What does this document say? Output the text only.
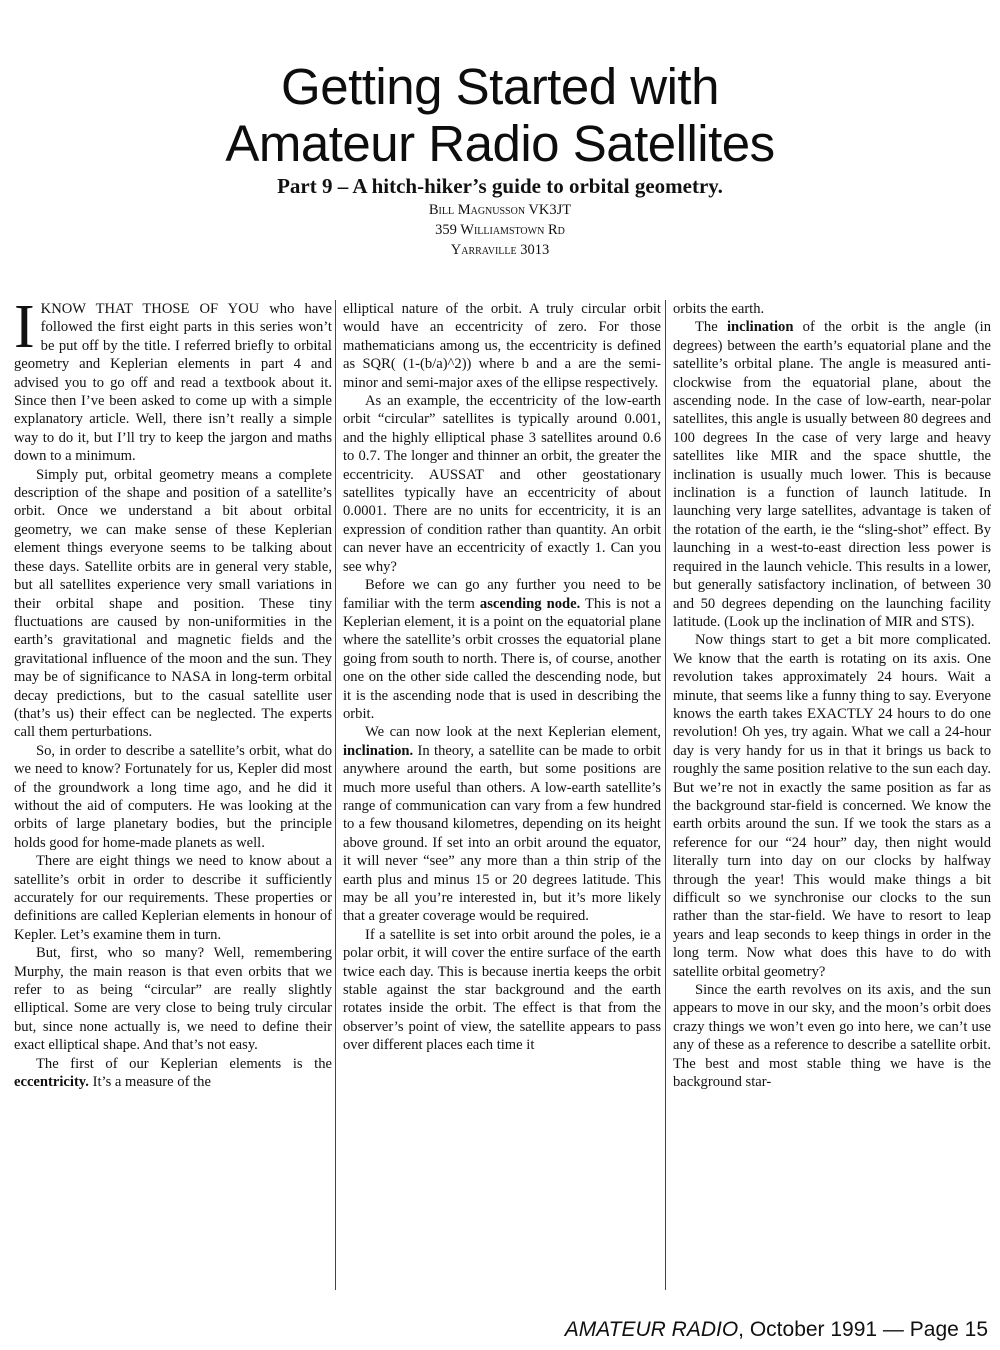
Getting Started with
Amateur Radio Satellites

Part 9 – A hitch-hiker’s guide to orbital geometry.

Bill Magnusson VK3JT

359 Williamstown Rd

Yarraville 3013

IKNOW THAT THOSE OF YOU who have followed the first eight parts in this series won’t be put off by the title. I referred briefly to orbital geometry and Keplerian elements in part 4 and advised you to go off and read a textbook about it. Since then I’ve been asked to come up with a simple explanatory article. Well, there isn’t really a simple way to do it, but I’ll try to keep the jargon and maths down to a minimum.

Simply put, orbital geometry means a complete description of the shape and position of a satellite’s orbit. Once we understand a bit about orbital geometry, we can make sense of these Keplerian element things everyone seems to be talking about these days. Satellite orbits are in general very stable, but all satellites experience very small variations in their orbital shape and position. These tiny fluctuations are caused by non-uniformities in the earth’s gravitational and magnetic fields and the gravitational influence of the moon and the sun. They may be of significance to NASA in long-term orbital decay predictions, but to the casual satellite user (that’s us) their effect can be neglected. The experts call them perturbations.

So, in order to describe a satellite’s orbit, what do we need to know? Fortunately for us, Kepler did most of the groundwork a long time ago, and he did it without the aid of computers. He was looking at the orbits of large planetary bodies, but the principle holds good for home-made planets as well.

There are eight things we need to know about a satellite’s orbit in order to describe it sufficiently accurately for our requirements. These properties or definitions are called Keplerian elements in honour of Kepler. Let’s examine them in turn.

But, first, who so many? Well, remembering Murphy, the main reason is that even orbits that we refer to as being “circular” are really slightly elliptical. Some are very close to being truly circular but, since none actually is, we need to define their exact elliptical shape. And that’s not easy.

The first of our Keplerian elements is the eccentricity. It’s a measure of the

elliptical nature of the orbit. A truly circular orbit would have an eccentricity of zero. For those mathematicians among us, the eccentricity is defined as SQR( (1-(b/a)^2)) where b and a are the semi-minor and semi-major axes of the ellipse respectively.

As an example, the eccentricity of the low-earth orbit “circular” satellites is typically around 0.001, and the highly elliptical phase 3 satellites around 0.6 to 0.7. The longer and thinner an orbit, the greater the eccentricity. AUSSAT and other geostationary satellites typically have an eccentricity of about 0.0001. There are no units for eccentricity, it is an expression of condition rather than quantity. An orbit can never have an eccentricity of exactly 1. Can you see why?

Before we can go any further you need to be familiar with the term ascending node. This is not a Keplerian element, it is a point on the equatorial plane where the satellite’s orbit crosses the equatorial plane going from south to north. There is, of course, another one on the other side called the descending node, but it is the ascending node that is used in describing the orbit.

We can now look at the next Keplerian element, inclination. In theory, a satellite can be made to orbit anywhere around the earth, but some positions are much more useful than others. A low-earth satellite’s range of communication can vary from a few hundred to a few thousand kilometres, depending on its height above ground. If set into an orbit around the equator, it will never “see” any more than a thin strip of the earth plus and minus 15 or 20 degrees latitude. This may be all you’re interested in, but it’s more likely that a greater coverage would be required.

If a satellite is set into orbit around the poles, ie a polar orbit, it will cover the entire surface of the earth twice each day. This is because inertia keeps the orbit stable against the star background and the earth rotates inside the orbit. The effect is that from the observer’s point of view, the satellite appears to pass over different places each time it

orbits the earth.

The inclination of the orbit is the angle (in degrees) between the earth’s equatorial plane and the satellite’s orbital plane. The angle is measured anti-clockwise from the equatorial plane, about the ascending node. In the case of low-earth, near-polar satellites, this angle is usually between 80 degrees and 100 degrees In the case of very large and heavy satellites like MIR and the space shuttle, the inclination is usually much lower. This is because inclination is a function of launch latitude. In launching very large satellites, advantage is taken of the rotation of the earth, ie the “sling-shot” effect. By launching in a west-to-east direction less power is required in the launch vehicle. This results in a lower, but generally satisfactory inclination, of between 30 and 50 degrees depending on the launching facility latitude. (Look up the inclination of MIR and STS).

Now things start to get a bit more complicated. We know that the earth is rotating on its axis. One revolution takes approximately 24 hours. Wait a minute, that seems like a funny thing to say. Everyone knows the earth takes EXACTLY 24 hours to do one revolution! Oh yes, try again. What we call a 24-hour day is very handy for us in that it brings us back to roughly the same position relative to the sun each day. But we’re not in exactly the same position as far as the background star-field is concerned. We know the earth orbits around the sun. If we took the stars as a reference for our “24 hour” day, then night would literally turn into day on our clocks by halfway through the year! This would make things a bit difficult so we synchronise our clocks to the sun rather than the star-field. We have to resort to leap years and leap seconds to keep things in order in the long term. Now what does this have to do with satellite orbital geometry?

Since the earth revolves on its axis, and the sun appears to move in our sky, and the moon’s orbit does crazy things we won’t even go into here, we can’t use any of these as a reference to describe a satellite orbit. The best and most stable thing we have is the background star-

AMATEUR RADIO, October 1991 — Page 15
